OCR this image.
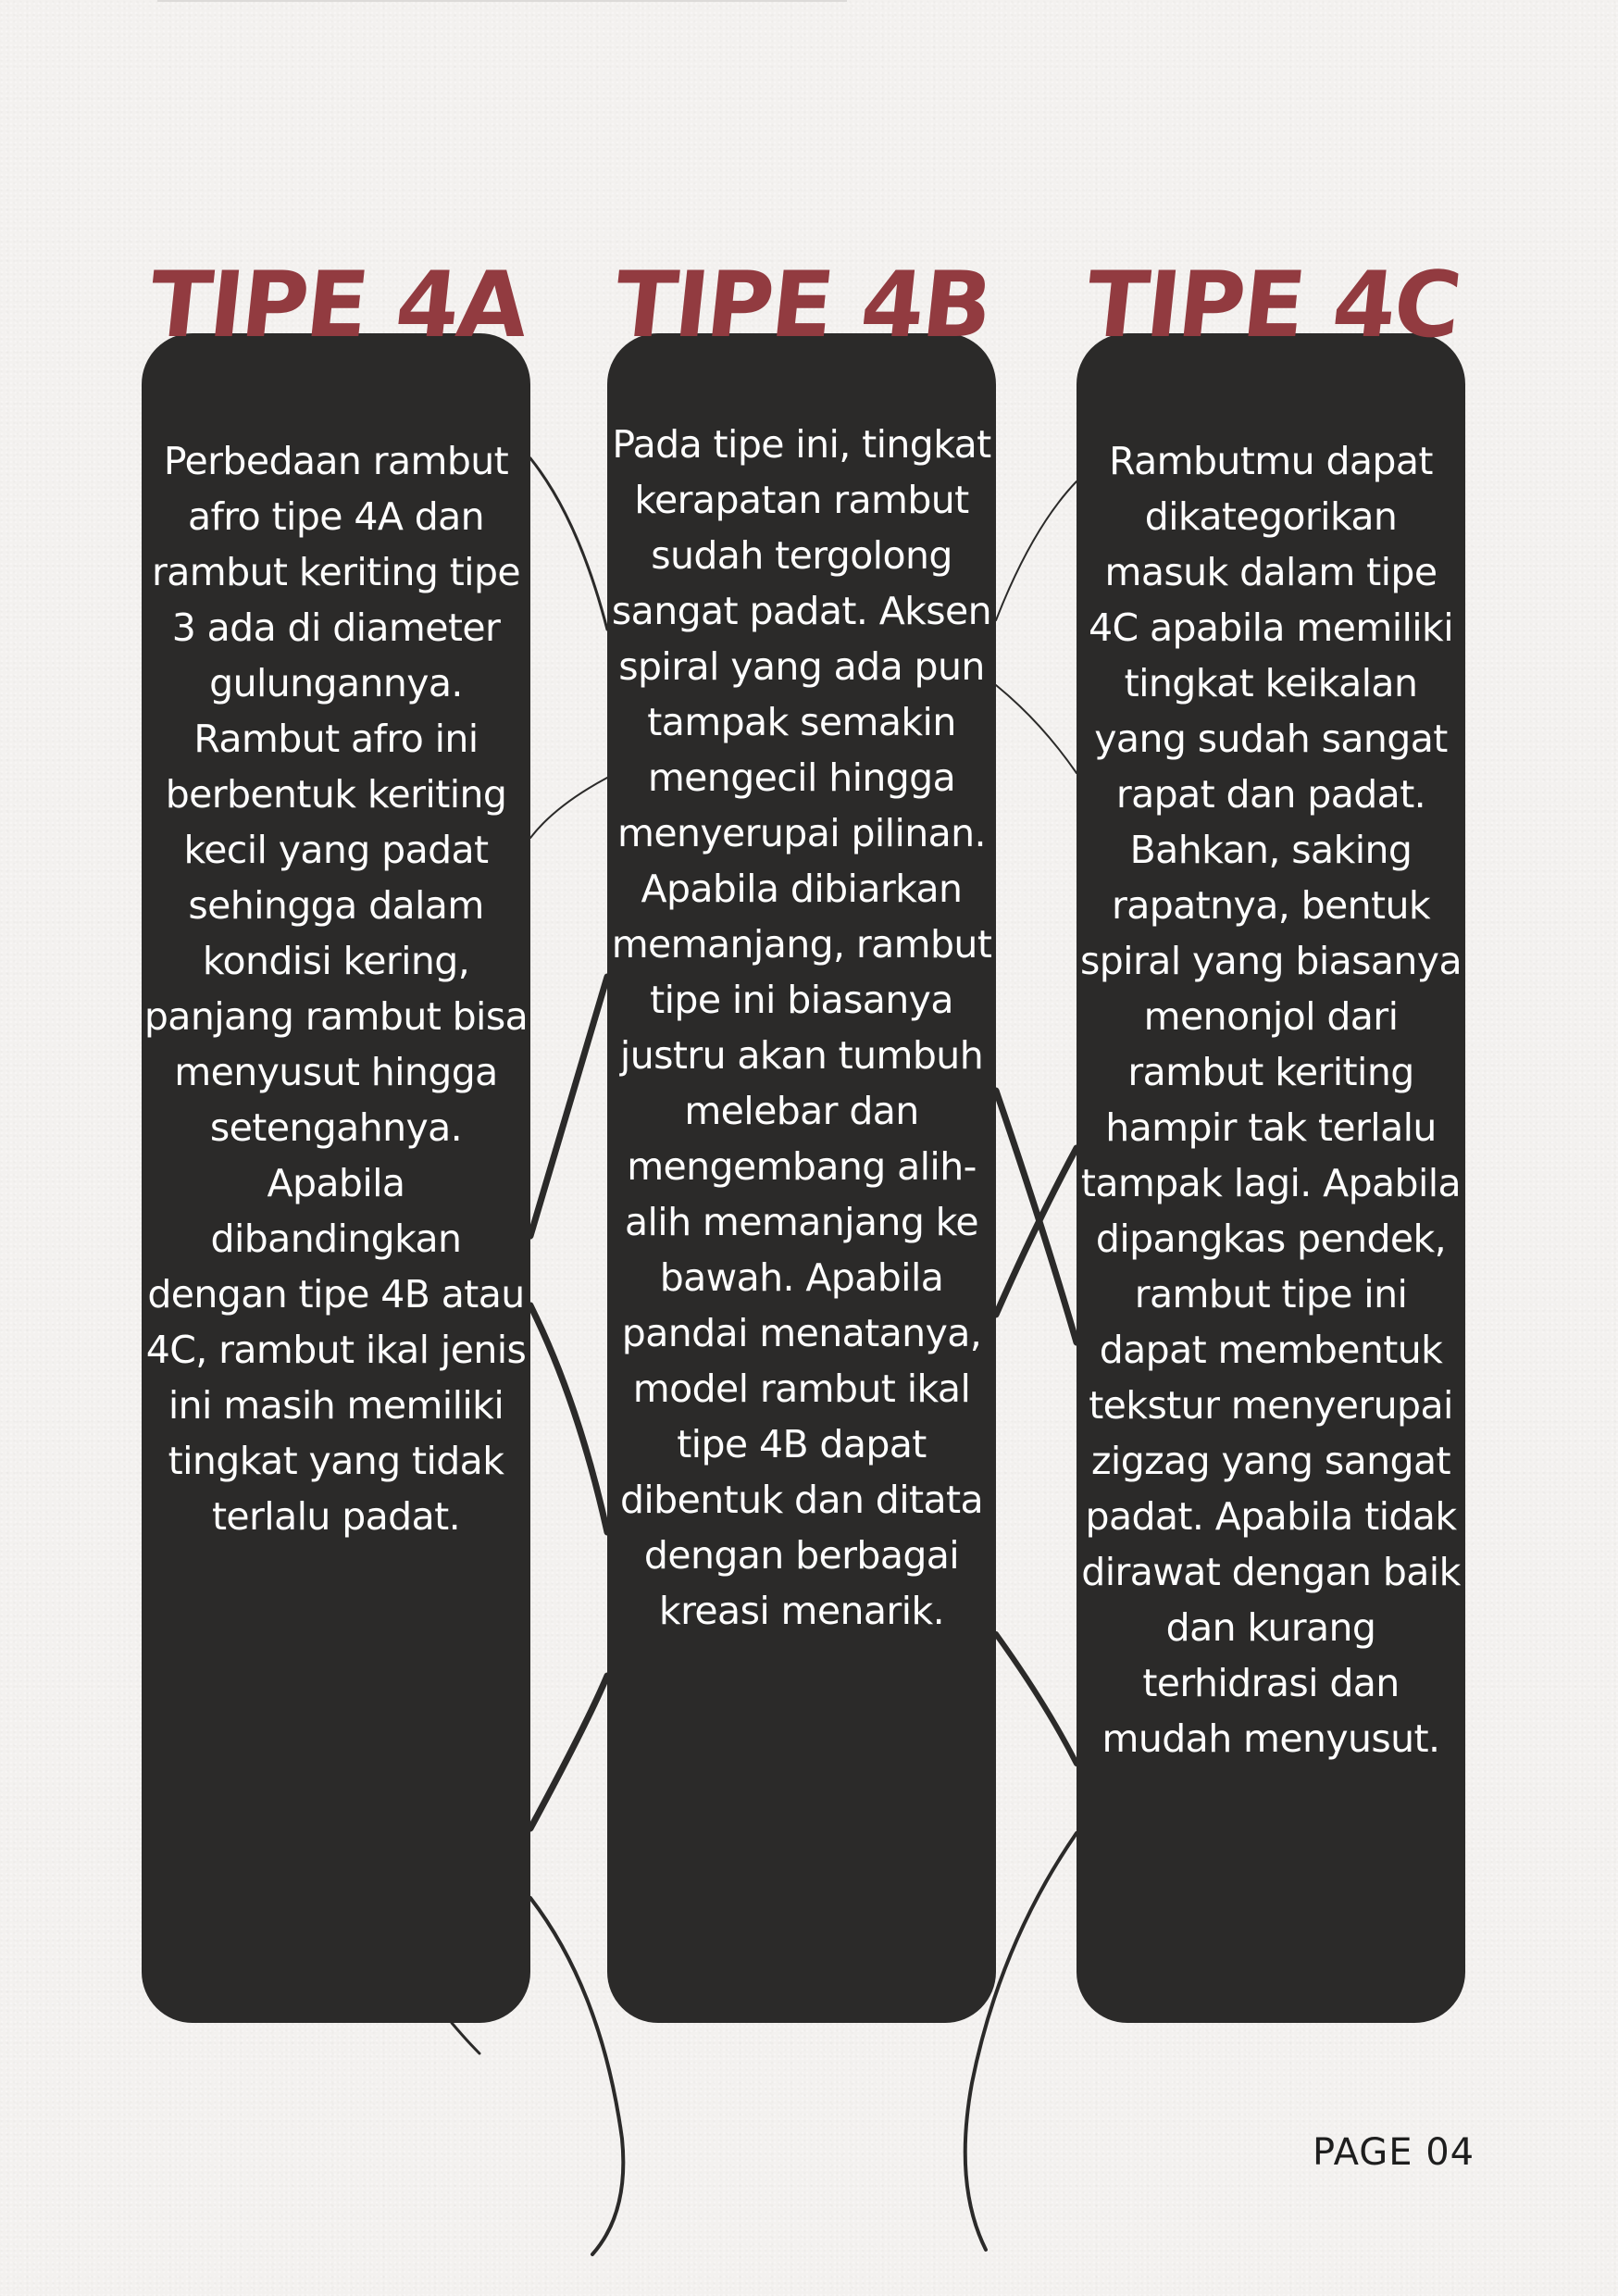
TIPE 4A

Perbedaan rambut afro tipe 4A dan rambut keriting tipe 3 ada di diameter gulungannya. Rambut afro ini berbentuk keriting kecil yang padat sehingga dalam kondisi kering, panjang rambut bisa menyusut hingga setengahnya. Apabila dibandingkan dengan tipe 4B atau 4C, rambut ikal jenis ini masih memiliki tingkat yang tidak terlalu padat.

TIPE 4B

Pada tipe ini, tingkat kerapatan rambut sudah tergolong sangat padat. Aksen spiral yang ada pun tampak semakin mengecil hingga menyerupai pilinan. Apabila dibiarkan memanjang, rambut tipe ini biasanya justru akan tumbuh melebar dan mengembang alih-alih memanjang ke bawah. Apabila pandai menatanya, model rambut ikal tipe 4B dapat dibentuk dan ditata dengan berbagai kreasi menarik.

TIPE 4C

Rambutmu dapat dikategorikan masuk dalam tipe 4C apabila memiliki tingkat keikalan yang sudah sangat rapat dan padat. Bahkan, saking rapatnya, bentuk spiral yang biasanya menonjol dari rambut keriting hampir tak terlalu tampak lagi. Apabila dipangkas pendek, rambut tipe ini dapat membentuk tekstur menyerupai zigzag yang sangat padat. Apabila tidak dirawat dengan baik dan kurang terhidrasi dan mudah menyusut.

PAGE 04
